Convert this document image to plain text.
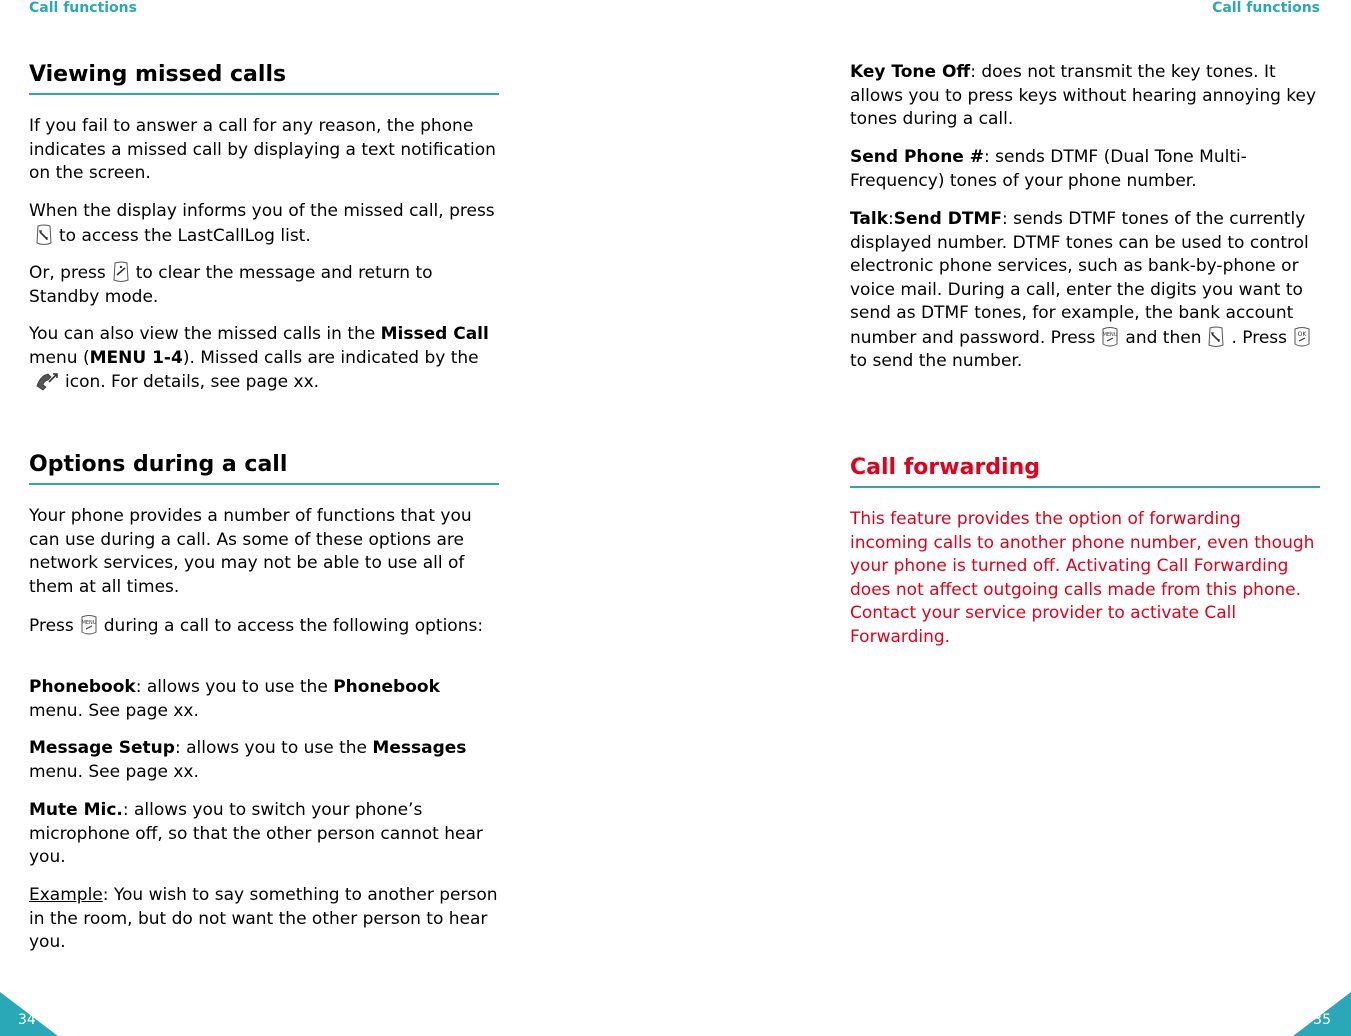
Call functions
Viewing missed calls

If you fail to answer a call for any reason, the phone indicates a missed call by displaying a text notification on the screen.

When the display informs you of the missed call, press
to access the LastCallLog list.

Or, press to clear the message and return to Standby mode.

You can also view the missed calls in the Missed Call menu (MENU 1-4). Missed calls are indicated by the
icon. For details, see page xx.

Options during a call

Your phone provides a number of functions that you can use during a call. As some of these options are network services, you may not be able to use all of them at all times.

Press MENU during a call to access the following options:

Phonebook: allows you to use the Phonebook menu. See page xx.

Message Setup: allows you to use the Messages menu. See page xx.

Mute Mic.: allows you to switch your phone’s microphone off, so that the other person cannot hear you.

Example: You wish to say something to another person in the room, but do not want the other person to hear you.

34
Call functions

Key Tone Off: does not transmit the key tones. It allows you to press keys without hearing annoying key tones during a call.

Send Phone #: sends DTMF (Dual Tone Multi-Frequency) tones of your phone number.

Talk:Send DTMF: sends DTMF tones of the currently displayed number. DTMF tones can be used to control electronic phone services, such as bank-by-phone or voice mail. During a call, enter the digits you want to send as DTMF tones, for example, the bank account number and password. Press MENU and then . Press OK
to send the number.

Call forwarding

This feature provides the option of forwarding incoming calls to another phone number, even though your phone is turned off. Activating Call Forwarding does not affect outgoing calls made from this phone. Contact your service provider to activate Call Forwarding.

35
